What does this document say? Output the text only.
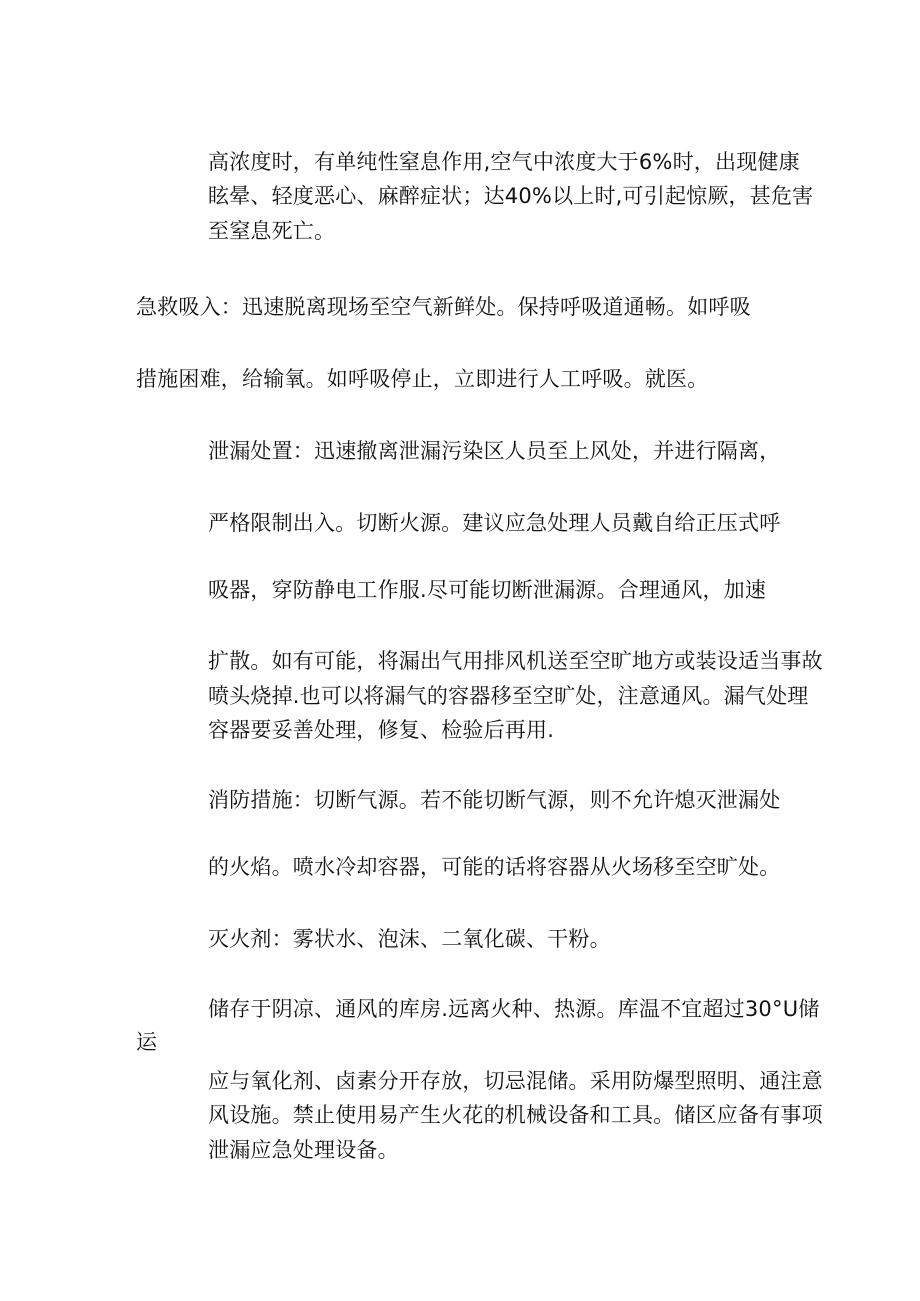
高浓度时，有单纯性窒息作用,空气中浓度大于6%时，出现健康
眩晕、轻度恶心、麻醉症状；达40%以上时,可引起惊厥，甚危害
至窒息死亡。
急救吸入：迅速脱离现场至空气新鲜处。保持呼吸道通畅。如呼吸
措施困难，给输氧。如呼吸停止，立即进行人工呼吸。就医。
泄漏处置：迅速撤离泄漏污染区人员至上风处，并进行隔离，
严格限制出入。切断火源。建议应急处理人员戴自给正压式呼
吸器，穿防静电工作服.尽可能切断泄漏源。合理通风，加速
扩散。如有可能，将漏出气用排风机送至空旷地方或装设适当事故
喷头烧掉.也可以将漏气的容器移至空旷处，注意通风。漏气处理
容器要妥善处理，修复、检验后再用.
消防措施：切断气源。若不能切断气源，则不允许熄灭泄漏处
的火焰。喷水冷却容器，可能的话将容器从火场移至空旷处。
灭火剂：雾状水、泡沫、二氧化碳、干粉。
储存于阴凉、通风的库房.远离火种、热源。库温不宜超过30°U储
运
应与氧化剂、卤素分开存放，切忌混储。采用防爆型照明、通注意
风设施。禁止使用易产生火花的机械设备和工具。储区应备有事项
泄漏应急处理设备。
